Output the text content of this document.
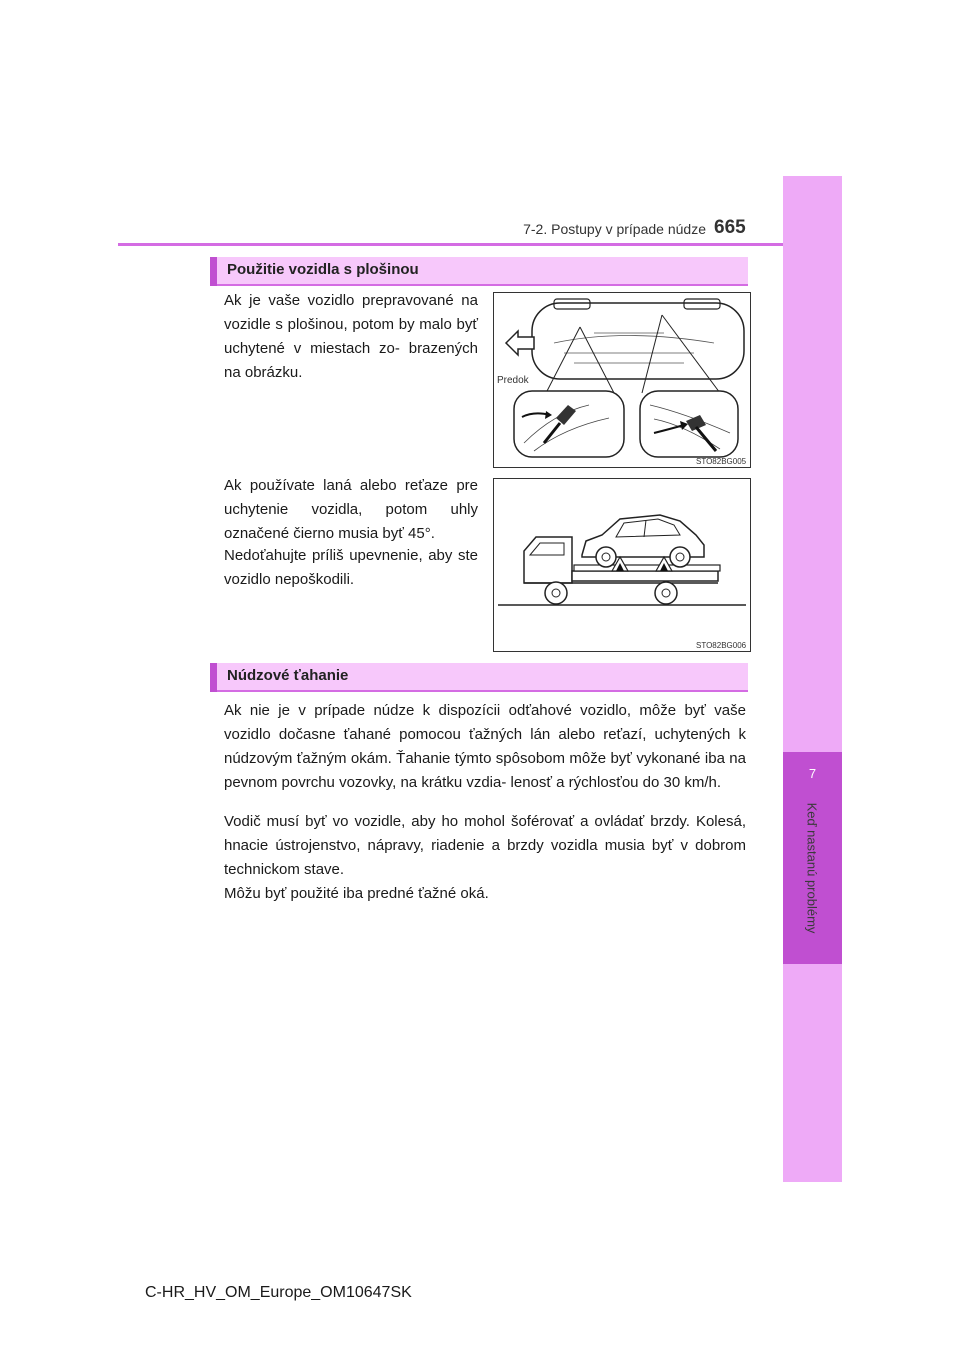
7
Keď nastanú problémy
7-2. Postupy v prípade núdze 665
Použitie vozidla s plošinou
Ak je vaše vozidlo prepravované na vozidle s plošinou, potom by malo byť uchytené v miestach zo- brazených na obrázku.
Ak používate laná alebo reťaze pre uchytenie vozidla, potom uhly označené čierno musia byť 45°.
Nedoťahujte príliš upevnenie, aby ste vozidlo nepoškodili.
Predok
STO82BG005
STO82BG006
Núdzové ťahanie
Ak nie je v prípade núdze k dispozícii odťahové vozidlo, môže byť vaše vozidlo dočasne ťahané pomocou ťažných lán alebo reťazí, uchytených k núdzovým ťažným okám. Ťahanie týmto spôsobom môže byť vykonané iba na pevnom povrchu vozovky, na krátku vzdia- lenosť a rýchlosťou do 30 km/h.
Vodič musí byť vo vozidle, aby ho mohol šoférovať a ovládať brzdy. Kolesá, hnacie ústrojenstvo, nápravy, riadenie a brzdy vozidla musia byť v dobrom technickom stave.
Môžu byť použité iba predné ťažné oká.
C-HR_HV_OM_Europe_OM10647SK
